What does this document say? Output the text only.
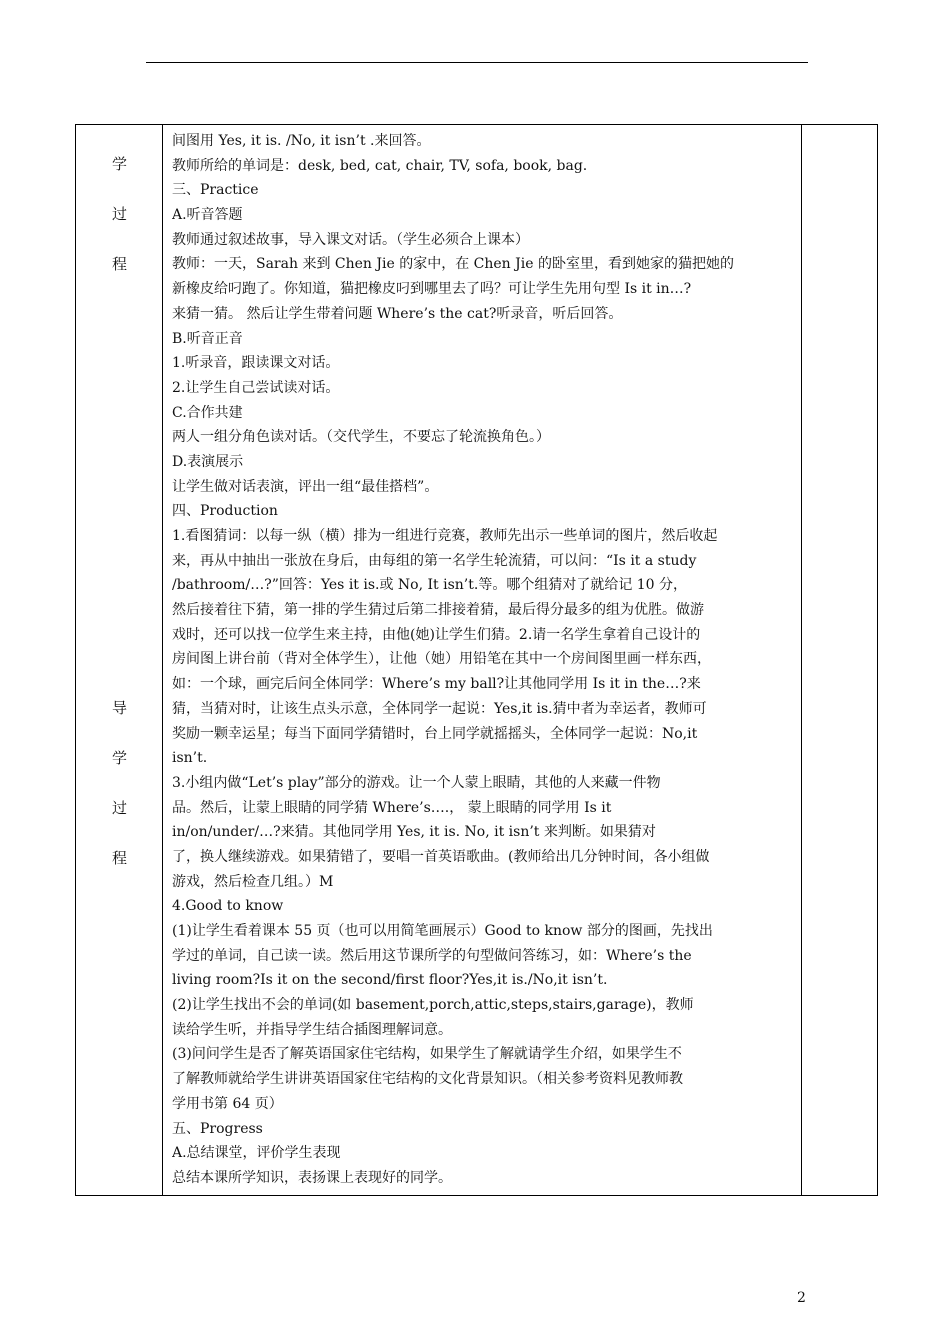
学
过
程
导
学
过
程
间图用 Yes, it is. /No, it isn’t .来回答。
教师所给的单词是：desk, bed, cat, chair, TV, sofa, book, bag.
三、Practice
A.听音答题
教师通过叙述故事，导入课文对话。（学生必须合上课本）
教师：一天，Sarah 来到 Chen Jie 的家中，在 Chen Jie 的卧室里，看到她家的猫把她的
新橡皮给叼跑了。你知道，猫把橡皮叼到哪里去了吗？可让学生先用句型 Is it in…?
来猜一猜。 然后让学生带着问题 Where’s the cat?听录音，听后回答。
B.听音正音
1.听录音，跟读课文对话。
2.让学生自己尝试读对话。
C.合作共建
两人一组分角色读对话。（交代学生，不要忘了轮流换角色。）
D.表演展示
让学生做对话表演，评出一组“最佳搭档”。
四、Production
1.看图猜词：以每一纵（横）排为一组进行竞赛，教师先出示一些单词的图片，然后收起
来，再从中抽出一张放在身后，由每组的第一名学生轮流猜，可以问：“Is it a study
/bathroom/…?”回答：Yes it is.或 No, It isn’t.等。哪个组猜对了就给记 10 分，
然后接着往下猜，第一排的学生猜过后第二排接着猜，最后得分最多的组为优胜。做游
戏时，还可以找一位学生来主持，由他(她)让学生们猜。2.请一名学生拿着自己设计的
房间图上讲台前（背对全体学生），让他（她）用铅笔在其中一个房间图里画一样东西，
如：一个球，画完后问全体同学：Where’s my ball?让其他同学用 Is it in the…?来
猜，当猜对时，让该生点头示意，全体同学一起说：Yes,it is.猜中者为幸运者，教师可
奖励一颗幸运星；每当下面同学猜错时，台上同学就摇摇头，全体同学一起说：No,it
isn’t.
3.小组内做“Let’s play”部分的游戏。让一个人蒙上眼睛，其他的人来藏一件物
品。然后，让蒙上眼睛的同学猜 Where’s….， 蒙上眼睛的同学用 Is it
in/on/under/…?来猜。其他同学用 Yes, it is. No, it isn’t 来判断。如果猜对
了，换人继续游戏。如果猜错了，要唱一首英语歌曲。(教师给出几分钟时间，各小组做
游戏，然后检查几组。）M
4.Good to know
(1)让学生看着课本 55 页（也可以用简笔画展示）Good to know 部分的图画，先找出
学过的单词，自己读一读。然后用这节课所学的句型做问答练习，如：Where’s the
living room?Is it on the second/first floor?Yes,it is./No,it isn’t.
(2)让学生找出不会的单词(如 basement,porch,attic,steps,stairs,garage)，教师
读给学生听，并指导学生结合插图理解词意。
(3)问问学生是否了解英语国家住宅结构，如果学生了解就请学生介绍，如果学生不
了解教师就给学生讲讲英语国家住宅结构的文化背景知识。（相关参考资料见教师教
学用书第 64 页）
五、Progress
A.总结课堂，评价学生表现
总结本课所学知识，表扬课上表现好的同学。
2
